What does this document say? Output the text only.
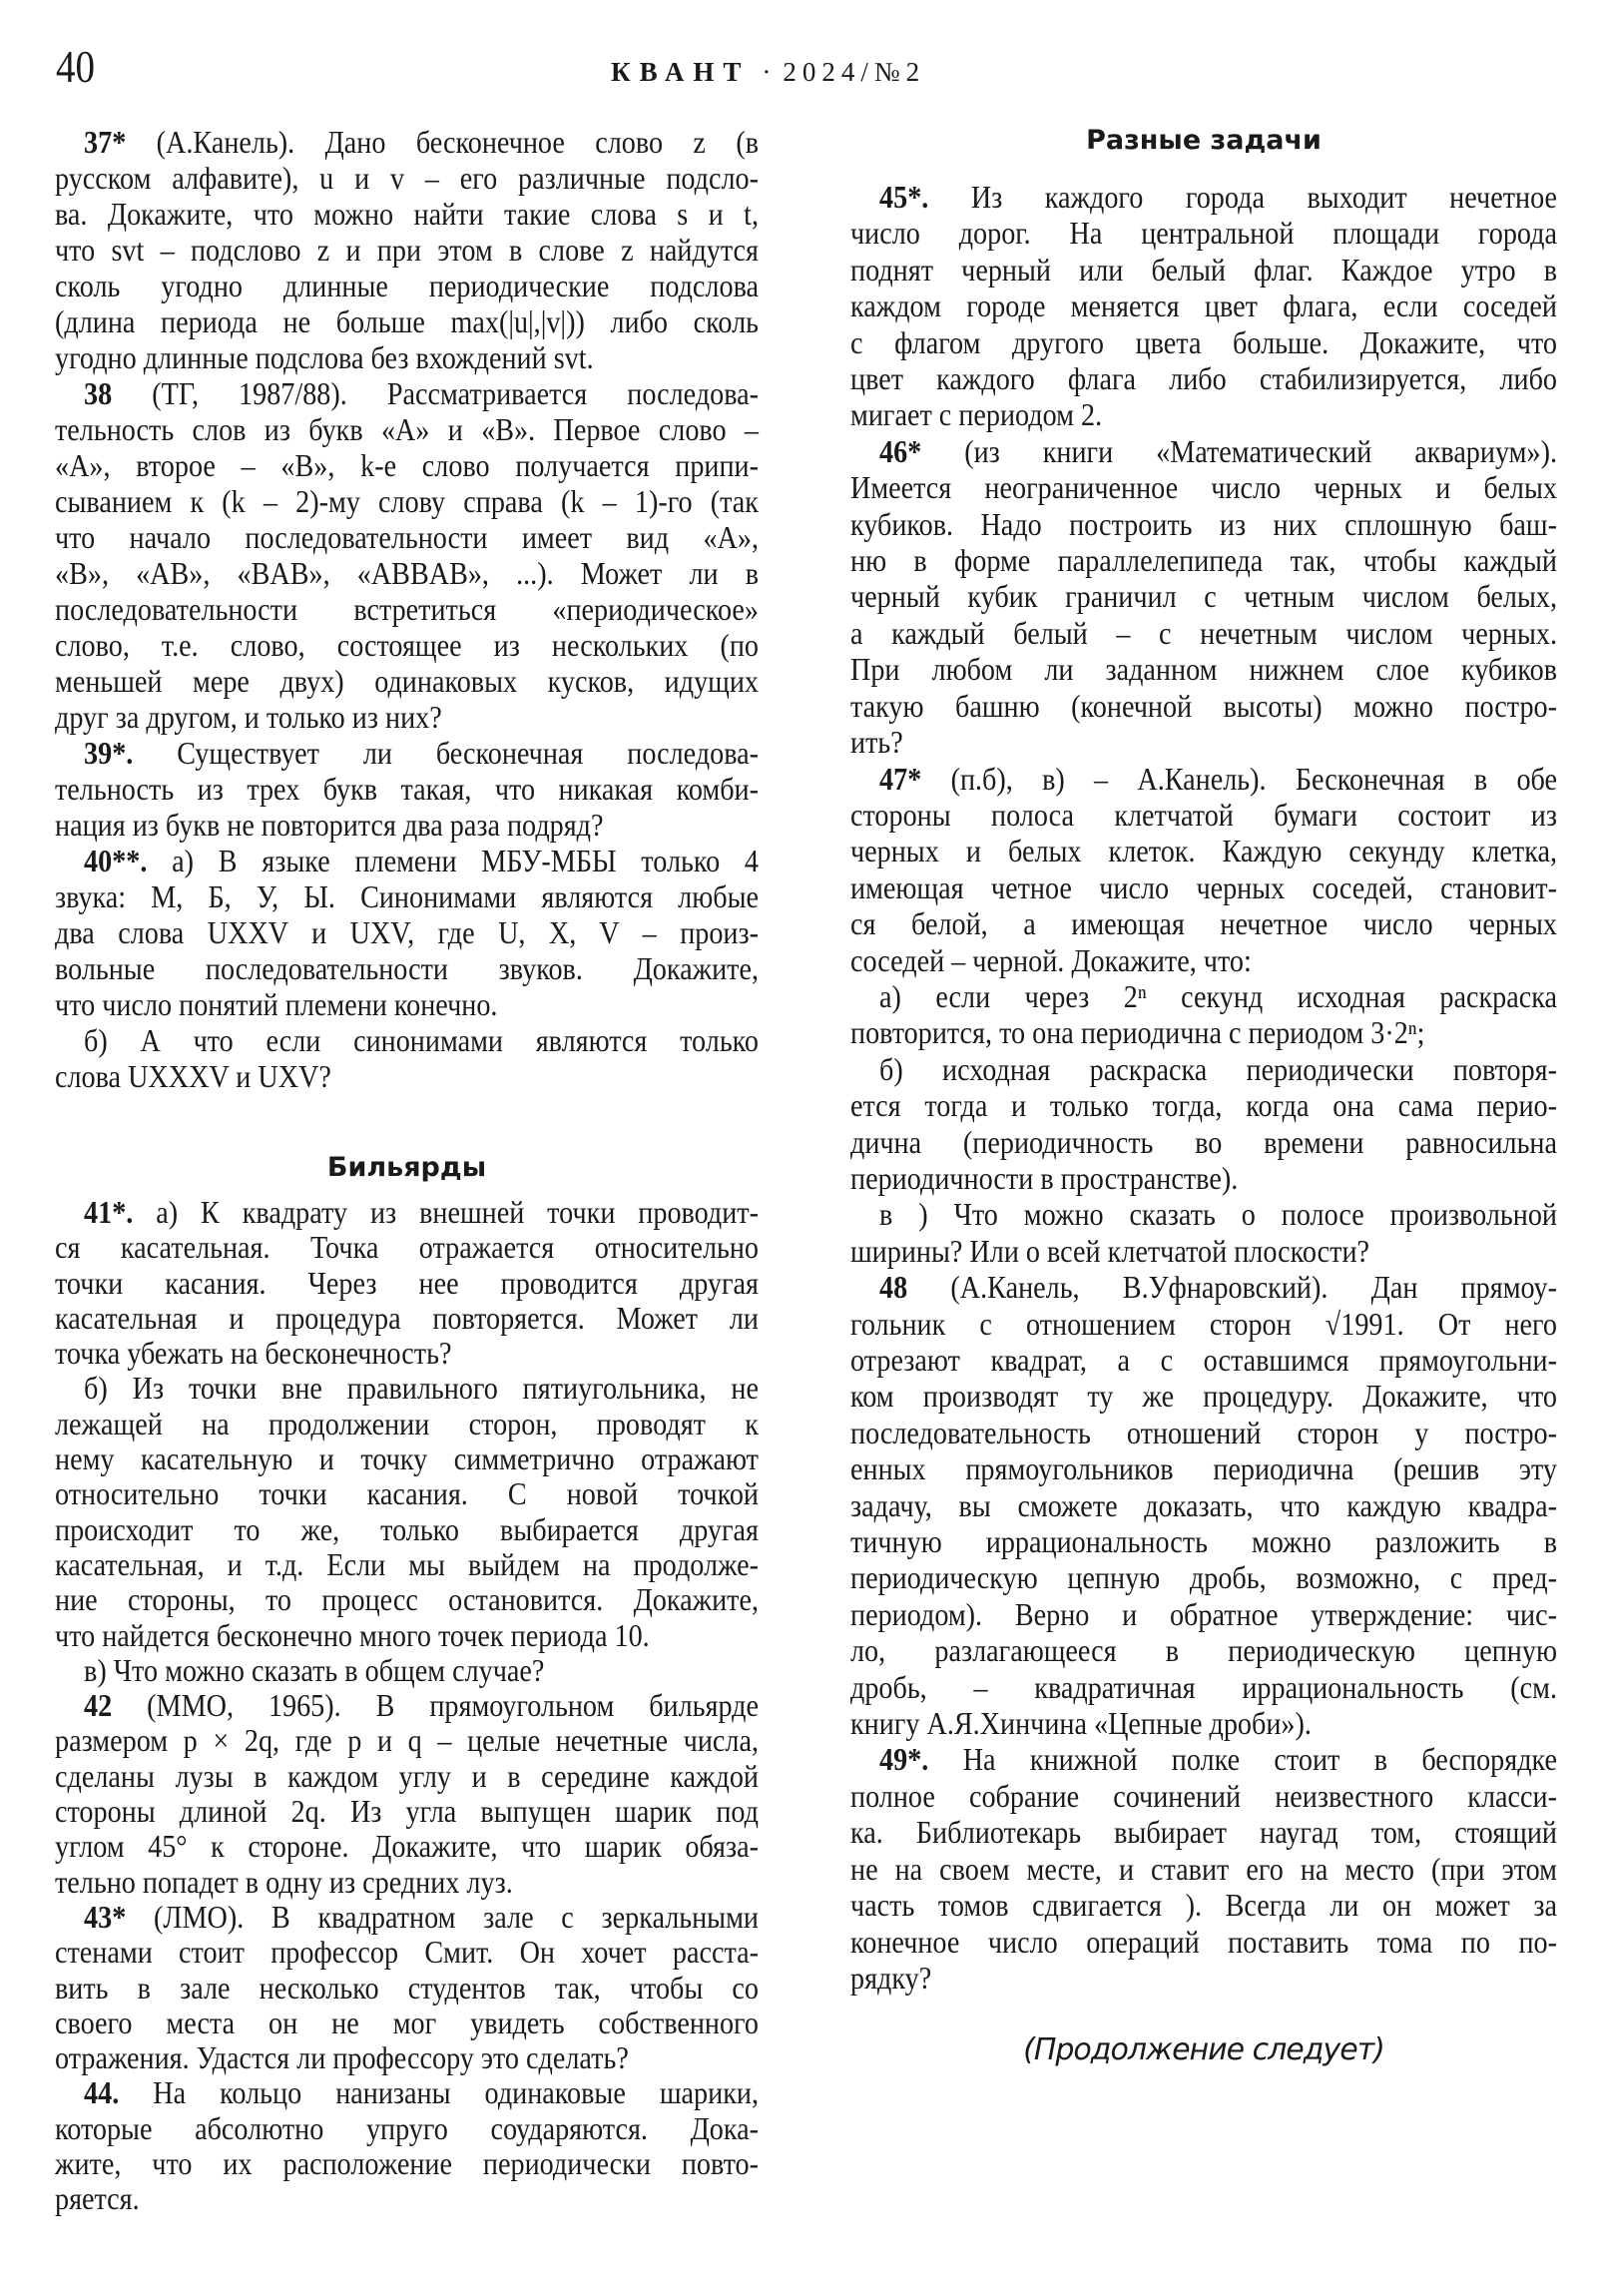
40	КВАНТ · 2024/№2
Бильярды
Разные задачи
37* (А.Канель). Дано бесконечное слово z (в
русском алфавите), u и v – его различные подсло-
ва. Докажите, что можно найти такие слова s и t,
что svt – подслово z и при этом в слове z найдутся
сколь угодно длинные периодические подслова
(длина периода не больше max(|u|,|v|)) либо сколь
угодно длинные подслова без вхождений svt.
38 (ТГ, 1987/88). Рассматривается последова-
тельность слов из букв «A» и «B». Первое слово –
«A», второе – «B», k-е слово получается припи-
сыванием к (k – 2)-му слову справа (k – 1)-го (так
что начало последовательности имеет вид «A»,
«B», «AB», «BAB», «ABBAB», ...). Может ли в
последовательности встретиться «периодическое»
слово, т.е. слово, состоящее из нескольких (по
меньшей мере двух) одинаковых кусков, идущих
друг за другом, и только из них?
39*. Существует ли бесконечная последова-
тельность из трех букв такая, что никакая комби-
нация из букв не повторится два раза подряд?
40**. а) В языке племени МБУ-МБЫ только 4
звука: М, Б, У, Ы. Синонимами являются любые
два слова UXXV и UXV, где U, X, V – произ-
вольные последовательности звуков. Докажите,
что число понятий племени конечно.
б) А что если синонимами являются только
слова UXXXV и UXV?
41*. а) К квадрату из внешней точки проводит-
ся касательная. Точка отражается относительно
точки касания. Через нее проводится другая
касательная и процедура повторяется. Может ли
точка убежать на бесконечность?
б) Из точки вне правильного пятиугольника, не
лежащей на продолжении сторон, проводят к
нему касательную и точку симметрично отражают
относительно точки касания. С новой точкой
происходит то же, только выбирается другая
касательная, и т.д. Если мы выйдем на продолже-
ние стороны, то процесс остановится. Докажите,
что найдется бесконечно много точек периода 10.
в) Что можно сказать в общем случае?
42 (ММО, 1965). В прямоугольном бильярде
размером p × 2q, где p и q – целые нечетные числа,
сделаны лузы в каждом углу и в середине каждой
стороны длиной 2q. Из угла выпущен шарик под
углом 45° к стороне. Докажите, что шарик обяза-
тельно попадет в одну из средних луз.
43* (ЛМО). В квадратном зале с зеркальными
стенами стоит профессор Смит. Он хочет расста-
вить в зале несколько студентов так, чтобы со
своего места он не мог увидеть собственного
отражения. Удастся ли профессору это сделать?
44. На кольцо нанизаны одинаковые шарики,
которые абсолютно упруго соударяются. Дока-
жите, что их расположение периодически повто-
ряется.
45*. Из каждого города выходит нечетное
число дорог. На центральной площади города
поднят черный или белый флаг. Каждое утро в
каждом городе меняется цвет флага, если соседей
с флагом другого цвета больше. Докажите, что
цвет каждого флага либо стабилизируется, либо
мигает с периодом 2.
46* (из книги «Математический аквариум»).
Имеется неограниченное число черных и белых
кубиков. Надо построить из них сплошную баш-
ню в форме параллелепипеда так, чтобы каждый
черный кубик граничил с четным числом белых,
а каждый белый – с нечетным числом черных.
При любом ли заданном нижнем слое кубиков
такую башню (конечной высоты) можно постро-
ить?
47* (п.б), в) – А.Канель). Бесконечная в обе
стороны полоса клетчатой бумаги состоит из
черных и белых клеток. Каждую секунду клетка,
имеющая четное число черных соседей, становит-
ся белой, а имеющая нечетное число черных
соседей – черной. Докажите, что:
а) если через 2ⁿ секунд исходная раскраска
повторится, то она периодична с периодом 3·2ⁿ;
б) исходная раскраска периодически повторя-
ется тогда и только тогда, когда она сама перио-
дична (периодичность во времени равносильна
периодичности в пространстве).
в ) Что можно сказать о полосе произвольной
ширины? Или о всей клетчатой плоскости?
48 (А.Канель, В.Уфнаровский). Дан прямоу-
гольник с отношением сторон √1991. От него
отрезают квадрат, а с оставшимся прямоугольни-
ком производят ту же процедуру. Докажите, что
последовательность отношений сторон у постро-
енных прямоугольников периодична (решив эту
задачу, вы сможете доказать, что каждую квадра-
тичную иррациональность можно разложить в
периодическую цепную дробь, возможно, с пред-
периодом). Верно и обратное утверждение: чис-
ло, разлагающееся в периодическую цепную
дробь, – квадратичная иррациональность (см.
книгу А.Я.Хинчина «Цепные дроби»).
49*. На книжной полке стоит в беспорядке
полное собрание сочинений неизвестного класси-
ка. Библиотекарь выбирает наугад том, стоящий
не на своем месте, и ставит его на место (при этом
часть томов сдвигается ). Всегда ли он может за
конечное число операций поставить тома по по-
рядку?
(Продолжение следует)
